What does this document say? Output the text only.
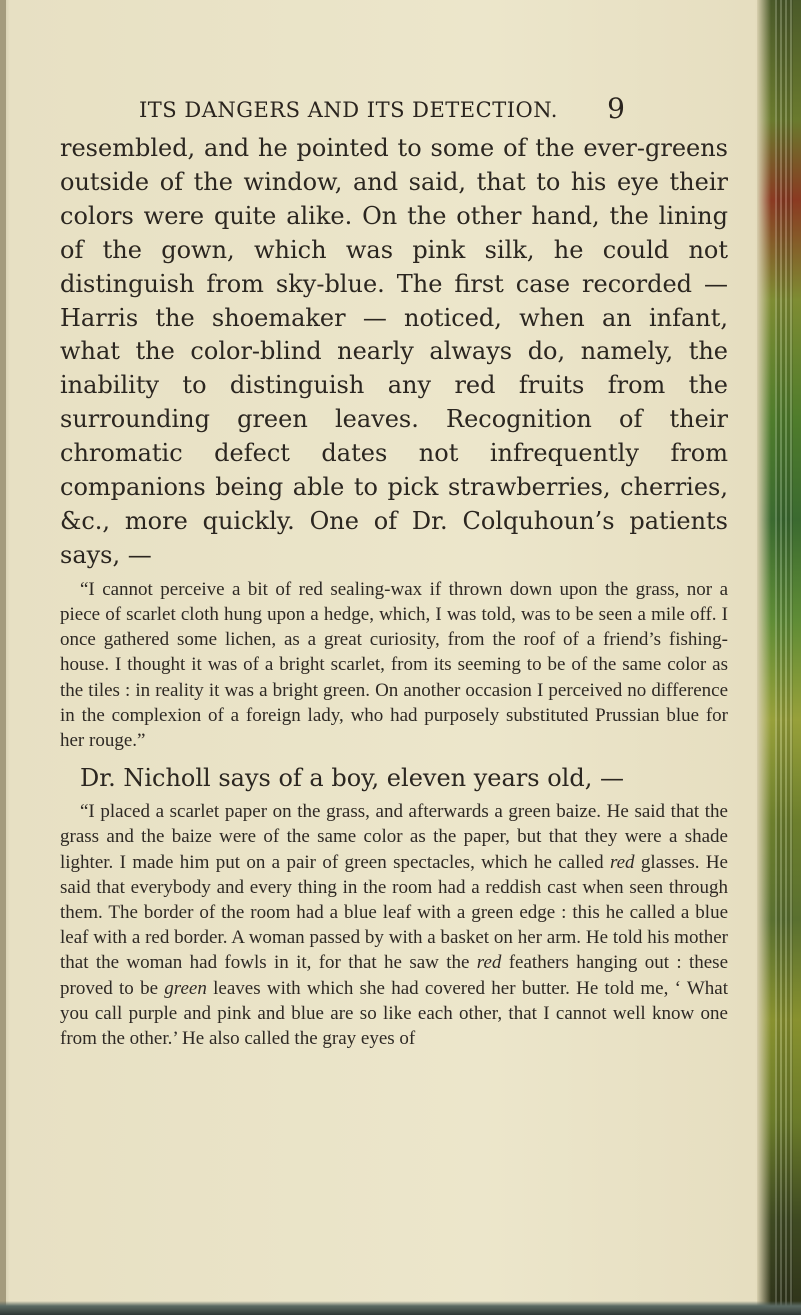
ITS DANGERS AND ITS DETECTION. 9

resembled, and he pointed to some of the ever-greens outside of the window, and said, that to his eye their colors were quite alike. On the other hand, the lining of the gown, which was pink silk, he could not distinguish from sky-blue. The first case recorded — Harris the shoemaker — noticed, when an infant, what the color-blind nearly always do, namely, the inability to distinguish any red fruits from the surrounding green leaves. Recognition of their chromatic defect dates not infrequently from companions being able to pick strawberries, cherries, &c., more quickly. One of Dr. Colquhoun’s patients says, —

“I cannot perceive a bit of red sealing-wax if thrown down upon the grass, nor a piece of scarlet cloth hung upon a hedge, which, I was told, was to be seen a mile off. I once gathered some lichen, as a great curiosity, from the roof of a friend’s fishing-house. I thought it was of a bright scarlet, from its seeming to be of the same color as the tiles : in reality it was a bright green. On another occasion I perceived no difference in the complexion of a foreign lady, who had purposely substituted Prussian blue for her rouge.”

Dr. Nicholl says of a boy, eleven years old, —

“I placed a scarlet paper on the grass, and afterwards a green baize. He said that the grass and the baize were of the same color as the paper, but that they were a shade lighter. I made him put on a pair of green spectacles, which he called red glasses. He said that everybody and every thing in the room had a reddish cast when seen through them. The border of the room had a blue leaf with a green edge : this he called a blue leaf with a red border. A woman passed by with a basket on her arm. He told his mother that the woman had fowls in it, for that he saw the red feathers hanging out : these proved to be green leaves with which she had covered her butter. He told me, ‘ What you call purple and pink and blue are so like each other, that I cannot well know one from the other.’ He also called the gray eyes of
